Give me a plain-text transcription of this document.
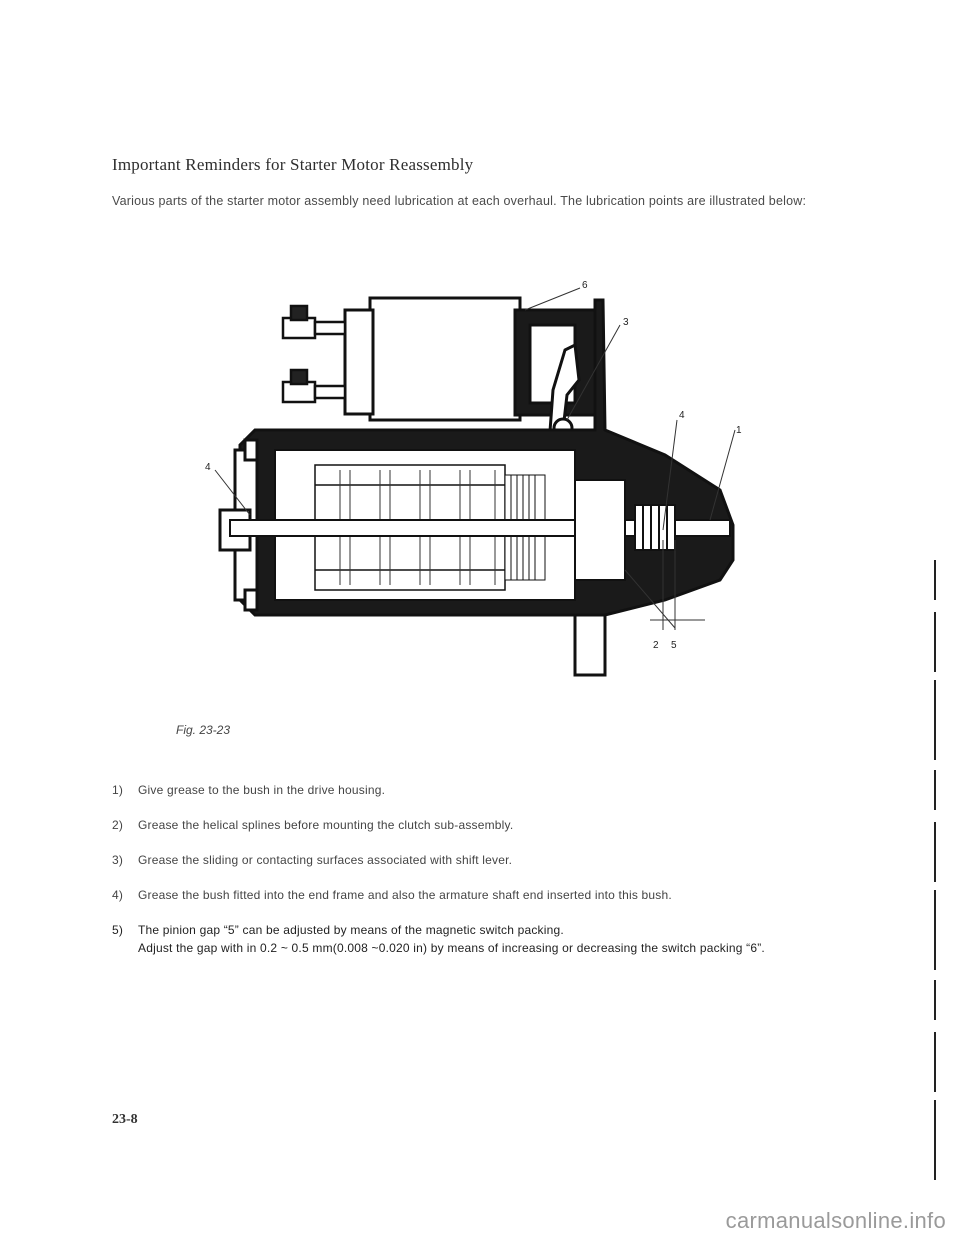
Important Reminders for Starter Motor Reassembly
Various parts of the starter motor assembly need lubrication at each overhaul. The lubrication points are illustrated below:
6
3
4
1
4
2 5
Fig. 23-23
1) Give grease to the bush in the drive housing.
2) Grease the helical splines before mounting the clutch sub-assembly.
3) Grease the sliding or contacting surfaces associated with shift lever.
4) Grease the bush fitted into the end frame and also the armature shaft end inserted into this bush.
5) The pinion gap “5” can be adjusted by means of the magnetic switch packing.
Adjust the gap with in 0.2 ~ 0.5 mm(0.008 ~0.020 in) by means of increasing or decreasing the switch packing “6”.
23-8
carmanualsonline.info
